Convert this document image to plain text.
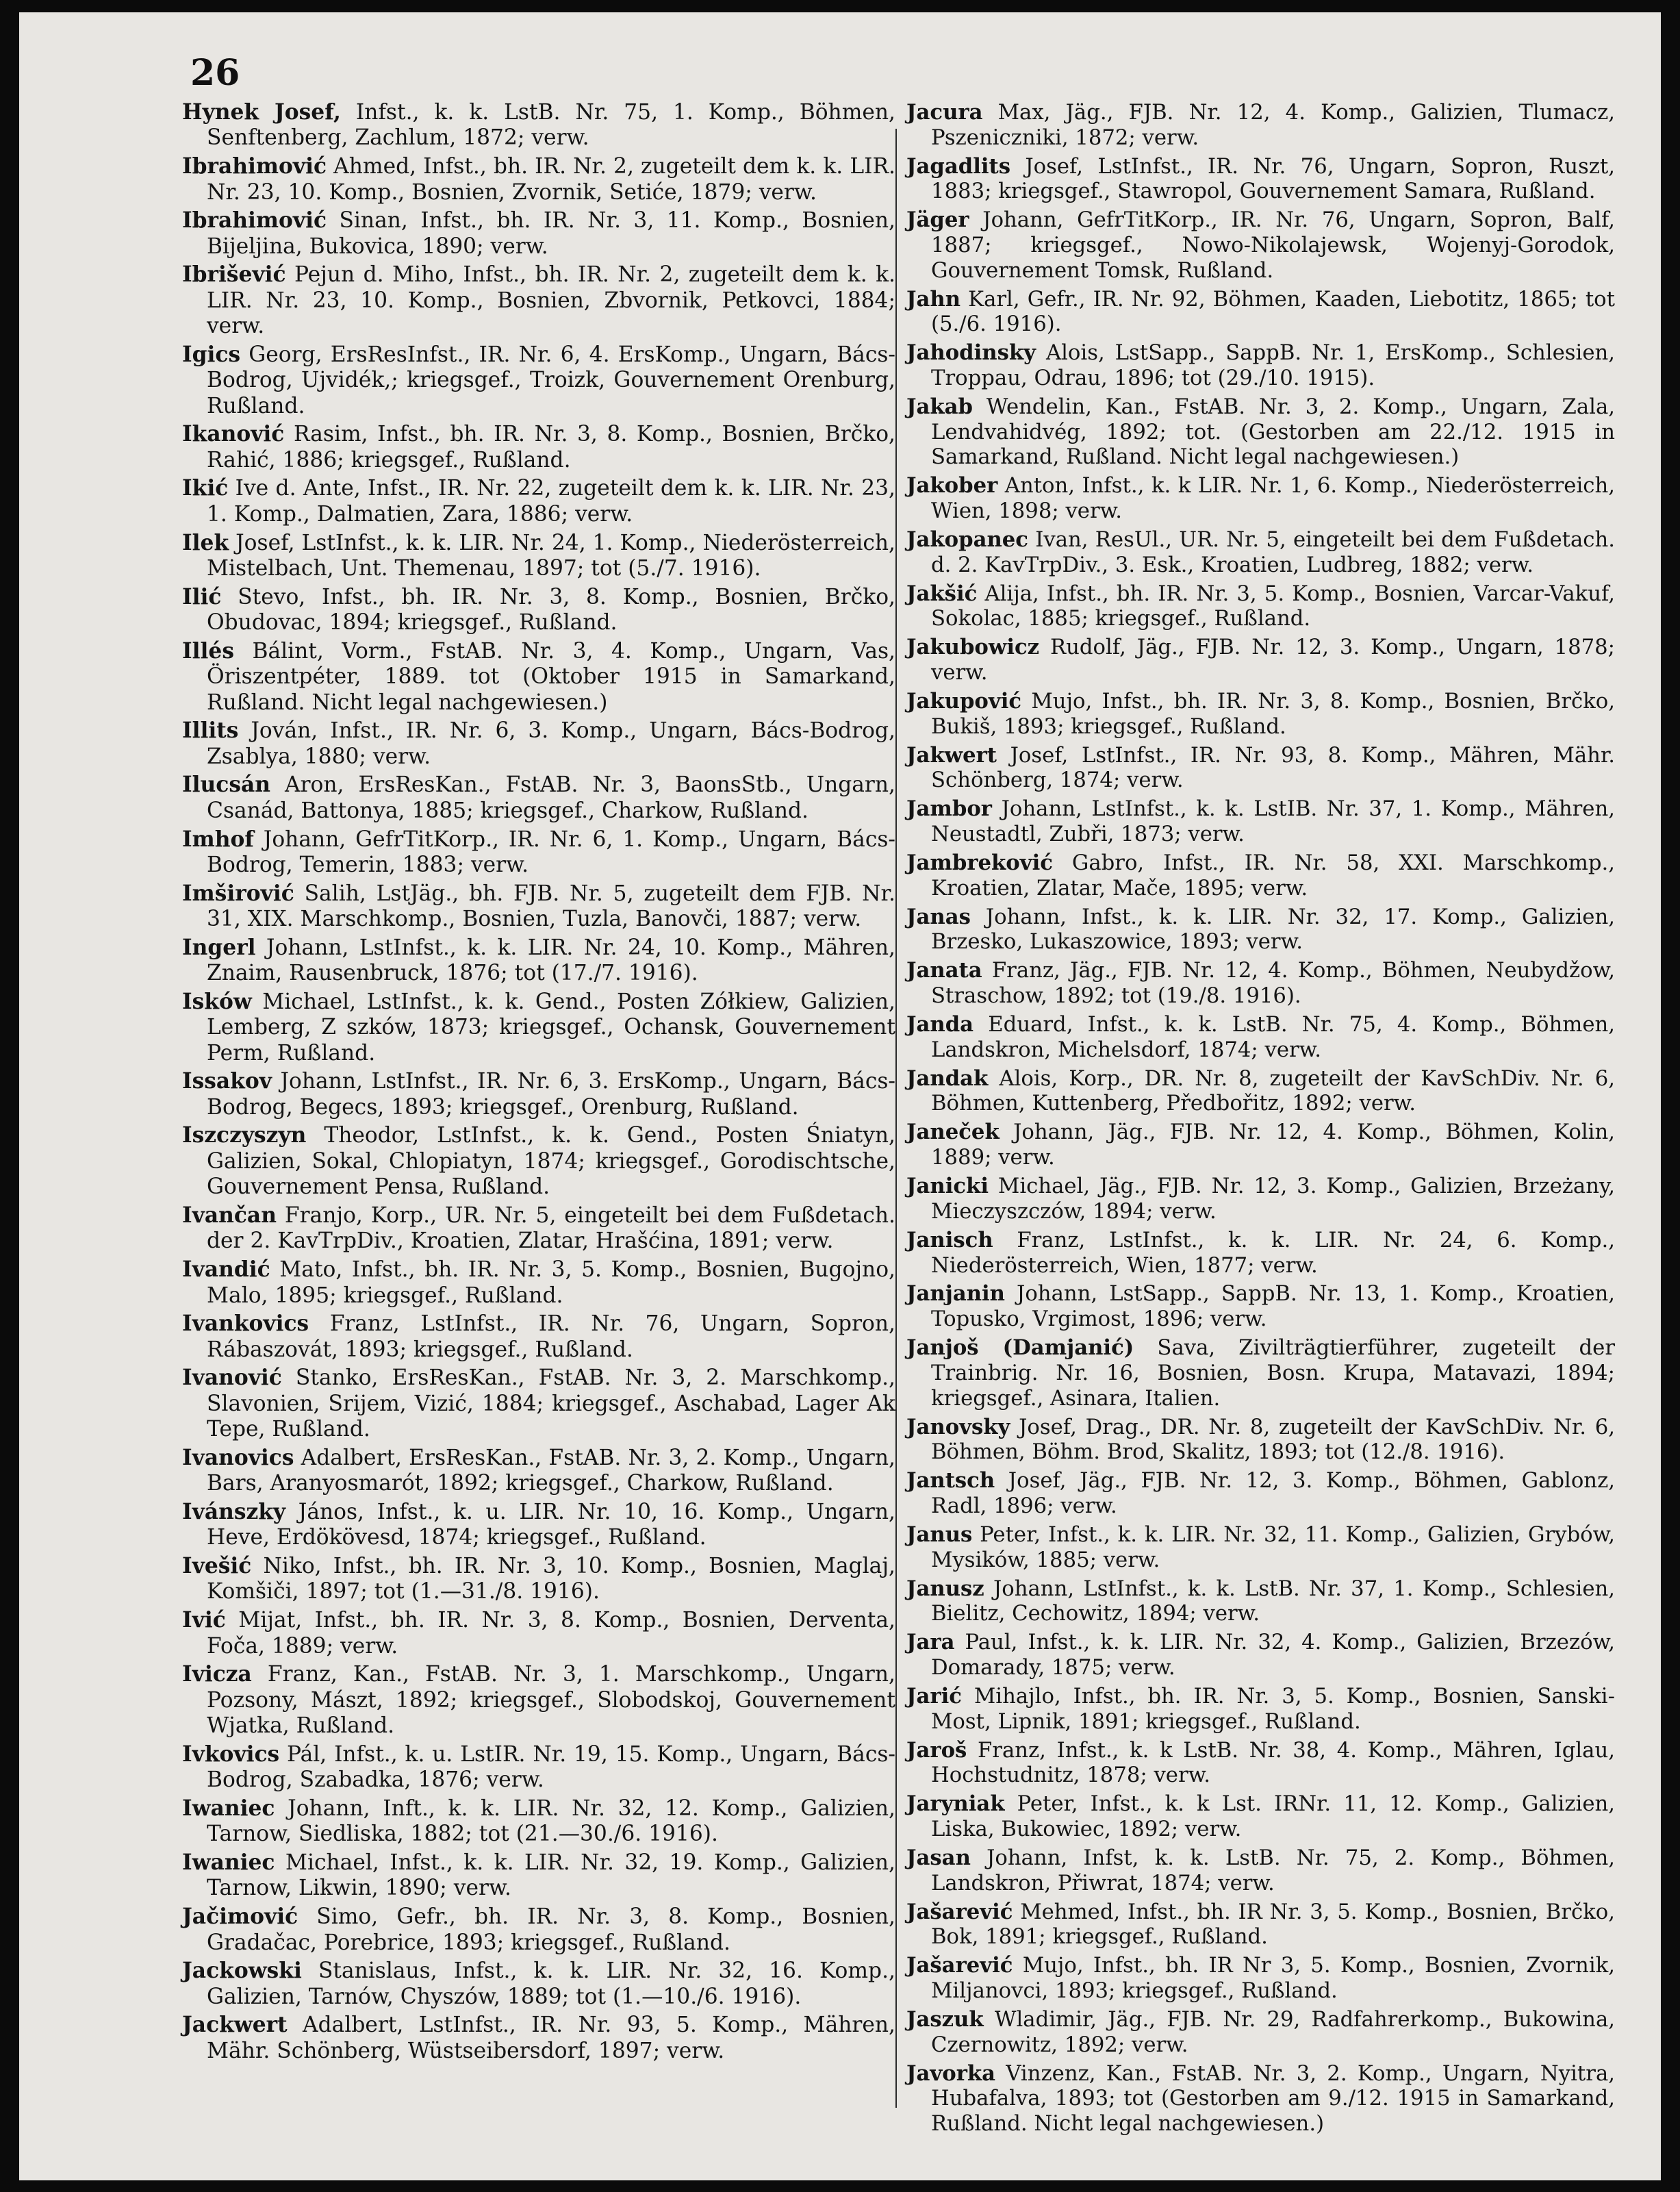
26

Hynek Josef, Infst., k. k. LstB. Nr. 75, 1. Komp., Böhmen, Senftenberg, Zachlum, 1872; verw.

Ibrahimović Ahmed, Infst., bh. IR. Nr. 2, zugeteilt dem k. k. LIR. Nr. 23, 10. Komp., Bosnien, Zvornik, Setiće, 1879; verw.

Ibrahimović Sinan, Infst., bh. IR. Nr. 3, 11. Komp., Bosnien, Bijeljina, Bukovica, 1890; verw.

Ibrišević Pejun d. Miho, Infst., bh. IR. Nr. 2, zugeteilt dem k. k. LIR. Nr. 23, 10. Komp., Bosnien, Zbvornik, Petkovci, 1884; verw.

Igics Georg, ErsResInfst., IR. Nr. 6, 4. ErsKomp., Ungarn, Bács-Bodrog, Ujvidék,; kriegsgef., Troizk, Gouvernement Orenburg, Rußland.

Ikanović Rasim, Infst., bh. IR. Nr. 3, 8. Komp., Bosnien, Brčko, Rahić, 1886; kriegsgef., Rußland.

Ikić Ive d. Ante, Infst., IR. Nr. 22, zugeteilt dem k. k. LIR. Nr. 23, 1. Komp., Dalmatien, Zara, 1886; verw.

Ilek Josef, LstInfst., k. k. LIR. Nr. 24, 1. Komp., Niederösterreich, Mistelbach, Unt. Themenau, 1897; tot (5./7. 1916).

Ilić Stevo, Infst., bh. IR. Nr. 3, 8. Komp., Bosnien, Brčko, Obudovac, 1894; kriegsgef., Rußland.

Illés Bálint, Vorm., FstAB. Nr. 3, 4. Komp., Ungarn, Vas, Öriszentpéter, 1889. tot (Oktober 1915 in Samarkand, Rußland. Nicht legal nachgewiesen.)

Illits Jován, Infst., IR. Nr. 6, 3. Komp., Ungarn, Bács-Bodrog, Zsablya, 1880; verw.

Ilucsán Aron, ErsResKan., FstAB. Nr. 3, BaonsStb., Ungarn, Csanád, Battonya, 1885; kriegsgef., Charkow, Rußland.

Imhof Johann, GefrTitKorp., IR. Nr. 6, 1. Komp., Ungarn, Bács-Bodrog, Temerin, 1883; verw.

Imširović Salih, LstJäg., bh. FJB. Nr. 5, zugeteilt dem FJB. Nr. 31, XIX. Marschkomp., Bosnien, Tuzla, Banovči, 1887; verw.

Ingerl Johann, LstInfst., k. k. LIR. Nr. 24, 10. Komp., Mähren, Znaim, Rausenbruck, 1876; tot (17./7. 1916).

Isków Michael, LstInfst., k. k. Gend., Posten Zółkiew, Galizien, Lemberg, Z szków, 1873; kriegsgef., Ochansk, Gouvernement Perm, Rußland.

Issakov Johann, LstInfst., IR. Nr. 6, 3. ErsKomp., Ungarn, Bács-Bodrog, Begecs, 1893; kriegsgef., Orenburg, Rußland.

Iszczyszyn Theodor, LstInfst., k. k. Gend., Posten Śniatyn, Galizien, Sokal, Chlopiatyn, 1874; kriegsgef., Gorodischtsche, Gouvernement Pensa, Rußland.

Ivančan Franjo, Korp., UR. Nr. 5, eingeteilt bei dem Fußdetach. der 2. KavTrpDiv., Kroatien, Zlatar, Hrašćina, 1891; verw.

Ivandić Mato, Infst., bh. IR. Nr. 3, 5. Komp., Bosnien, Bugojno, Malo, 1895; kriegsgef., Rußland.

Ivankovics Franz, LstInfst., IR. Nr. 76, Ungarn, Sopron, Rábaszovát, 1893; kriegsgef., Rußland.

Ivanović Stanko, ErsResKan., FstAB. Nr. 3, 2. Marschkomp., Slavonien, Srijem, Vizić, 1884; kriegsgef., Aschabad, Lager Ak Tepe, Rußland.

Ivanovics Adalbert, ErsResKan., FstAB. Nr. 3, 2. Komp., Ungarn, Bars, Aranyosmarót, 1892; kriegsgef., Charkow, Rußland.

Ivánszky János, Infst., k. u. LIR. Nr. 10, 16. Komp., Ungarn, Heve, Erdökövesd, 1874; kriegsgef., Rußland.

Ivešić Niko, Infst., bh. IR. Nr. 3, 10. Komp., Bosnien, Maglaj, Komšiči, 1897; tot (1.—31./8. 1916).

Ivić Mijat, Infst., bh. IR. Nr. 3, 8. Komp., Bosnien, Derventa, Foča, 1889; verw.

Ivicza Franz, Kan., FstAB. Nr. 3, 1. Marschkomp., Ungarn, Pozsony, Mászt, 1892; kriegsgef., Slobodskoj, Gouvernement Wjatka, Rußland.

Ivkovics Pál, Infst., k. u. LstIR. Nr. 19, 15. Komp., Ungarn, Bács-Bodrog, Szabadka, 1876; verw.

Iwaniec Johann, Inft., k. k. LIR. Nr. 32, 12. Komp., Galizien, Tarnow, Siedliska, 1882; tot (21.—30./6. 1916).

Iwaniec Michael, Infst., k. k. LIR. Nr. 32, 19. Komp., Galizien, Tarnow, Likwin, 1890; verw.

Jačimović Simo, Gefr., bh. IR. Nr. 3, 8. Komp., Bosnien, Gradačac, Porebrice, 1893; kriegsgef., Rußland.

Jackowski Stanislaus, Infst., k. k. LIR. Nr. 32, 16. Komp., Galizien, Tarnów, Chyszów, 1889; tot (1.—10./6. 1916).

Jackwert Adalbert, LstInfst., IR. Nr. 93, 5. Komp., Mähren, Mähr. Schönberg, Wüstseibersdorf, 1897; verw.

Jacura Max, Jäg., FJB. Nr. 12, 4. Komp., Galizien, Tlumacz, Pszeniczniki, 1872; verw.

Jagadlits Josef, LstInfst., IR. Nr. 76, Ungarn, Sopron, Ruszt, 1883; kriegsgef., Stawropol, Gouvernement Samara, Rußland.

Jäger Johann, GefrTitKorp., IR. Nr. 76, Ungarn, Sopron, Balf, 1887; kriegsgef., Nowo-Nikolajewsk, Wojenyj-Gorodok, Gouvernement Tomsk, Rußland.

Jahn Karl, Gefr., IR. Nr. 92, Böhmen, Kaaden, Liebotitz, 1865; tot (5./6. 1916).

Jahodinsky Alois, LstSapp., SappB. Nr. 1, ErsKomp., Schlesien, Troppau, Odrau, 1896; tot (29./10. 1915).

Jakab Wendelin, Kan., FstAB. Nr. 3, 2. Komp., Ungarn, Zala, Lendvahidvég, 1892; tot. (Gestorben am 22./12. 1915 in Samarkand, Rußland. Nicht legal nachgewiesen.)

Jakober Anton, Infst., k. k LIR. Nr. 1, 6. Komp., Niederösterreich, Wien, 1898; verw.

Jakopanec Ivan, ResUl., UR. Nr. 5, eingeteilt bei dem Fußdetach. d. 2. KavTrpDiv., 3. Esk., Kroatien, Ludbreg, 1882; verw.

Jakšić Alija, Infst., bh. IR. Nr. 3, 5. Komp., Bosnien, Varcar-Vakuf, Sokolac, 1885; kriegsgef., Rußland.

Jakubowicz Rudolf, Jäg., FJB. Nr. 12, 3. Komp., Ungarn, 1878; verw.

Jakupović Mujo, Infst., bh. IR. Nr. 3, 8. Komp., Bosnien, Brčko, Bukiš, 1893; kriegsgef., Rußland.

Jakwert Josef, LstInfst., IR. Nr. 93, 8. Komp., Mähren, Mähr. Schönberg, 1874; verw.

Jambor Johann, LstInfst., k. k. LstIB. Nr. 37, 1. Komp., Mähren, Neustadtl, Zubři, 1873; verw.

Jambreković Gabro, Infst., IR. Nr. 58, XXI. Marschkomp., Kroatien, Zlatar, Mače, 1895; verw.

Janas Johann, Infst., k. k. LIR. Nr. 32, 17. Komp., Galizien, Brzesko, Lukaszowice, 1893; verw.

Janata Franz, Jäg., FJB. Nr. 12, 4. Komp., Böhmen, Neubydžow, Straschow, 1892; tot (19./8. 1916).

Janda Eduard, Infst., k. k. LstB. Nr. 75, 4. Komp., Böhmen, Landskron, Michelsdorf, 1874; verw.

Jandak Alois, Korp., DR. Nr. 8, zugeteilt der KavSchDiv. Nr. 6, Böhmen, Kuttenberg, Předbořitz, 1892; verw.

Janeček Johann, Jäg., FJB. Nr. 12, 4. Komp., Böhmen, Kolin, 1889; verw.

Janicki Michael, Jäg., FJB. Nr. 12, 3. Komp., Galizien, Brzeżany, Mieczyszczów, 1894; verw.

Janisch Franz, LstInfst., k. k. LIR. Nr. 24, 6. Komp., Niederösterreich, Wien, 1877; verw.

Janjanin Johann, LstSapp., SappB. Nr. 13, 1. Komp., Kroatien, Topusko, Vrgimost, 1896; verw.

Janjoš (Damjanić) Sava, Zivilträgtierführer, zugeteilt der Trainbrig. Nr. 16, Bosnien, Bosn. Krupa, Matavazi, 1894; kriegsgef., Asinara, Italien.

Janovsky Josef, Drag., DR. Nr. 8, zugeteilt der KavSchDiv. Nr. 6, Böhmen, Böhm. Brod, Skalitz, 1893; tot (12./8. 1916).

Jantsch Josef, Jäg., FJB. Nr. 12, 3. Komp., Böhmen, Gablonz, Radl, 1896; verw.

Janus Peter, Infst., k. k. LIR. Nr. 32, 11. Komp., Galizien, Grybów, Mysików, 1885; verw.

Janusz Johann, LstInfst., k. k. LstB. Nr. 37, 1. Komp., Schlesien, Bielitz, Cechowitz, 1894; verw.

Jara Paul, Infst., k. k. LIR. Nr. 32, 4. Komp., Galizien, Brzezów, Domarady, 1875; verw.

Jarić Mihajlo, Infst., bh. IR. Nr. 3, 5. Komp., Bosnien, Sanski-Most, Lipnik, 1891; kriegsgef., Rußland.

Jaroš Franz, Infst., k. k LstB. Nr. 38, 4. Komp., Mähren, Iglau, Hochstudnitz, 1878; verw.

Jaryniak Peter, Infst., k. k Lst. IRNr. 11, 12. Komp., Galizien, Liska, Bukowiec, 1892; verw.

Jasan Johann, Infst, k. k. LstB. Nr. 75, 2. Komp., Böhmen, Landskron, Přiwrat, 1874; verw.

Jašarević Mehmed, Infst., bh. IR Nr. 3, 5. Komp., Bosnien, Brčko, Bok, 1891; kriegsgef., Rußland.

Jašarević Mujo, Infst., bh. IR Nr 3, 5. Komp., Bosnien, Zvornik, Miljanovci, 1893; kriegsgef., Rußland.

Jaszuk Wladimir, Jäg., FJB. Nr. 29, Radfahrerkomp., Bukowina, Czernowitz, 1892; verw.

Javorka Vinzenz, Kan., FstAB. Nr. 3, 2. Komp., Ungarn, Nyitra, Hubafalva, 1893; tot (Gestorben am 9./12. 1915 in Samarkand, Rußland. Nicht legal nachgewiesen.)
